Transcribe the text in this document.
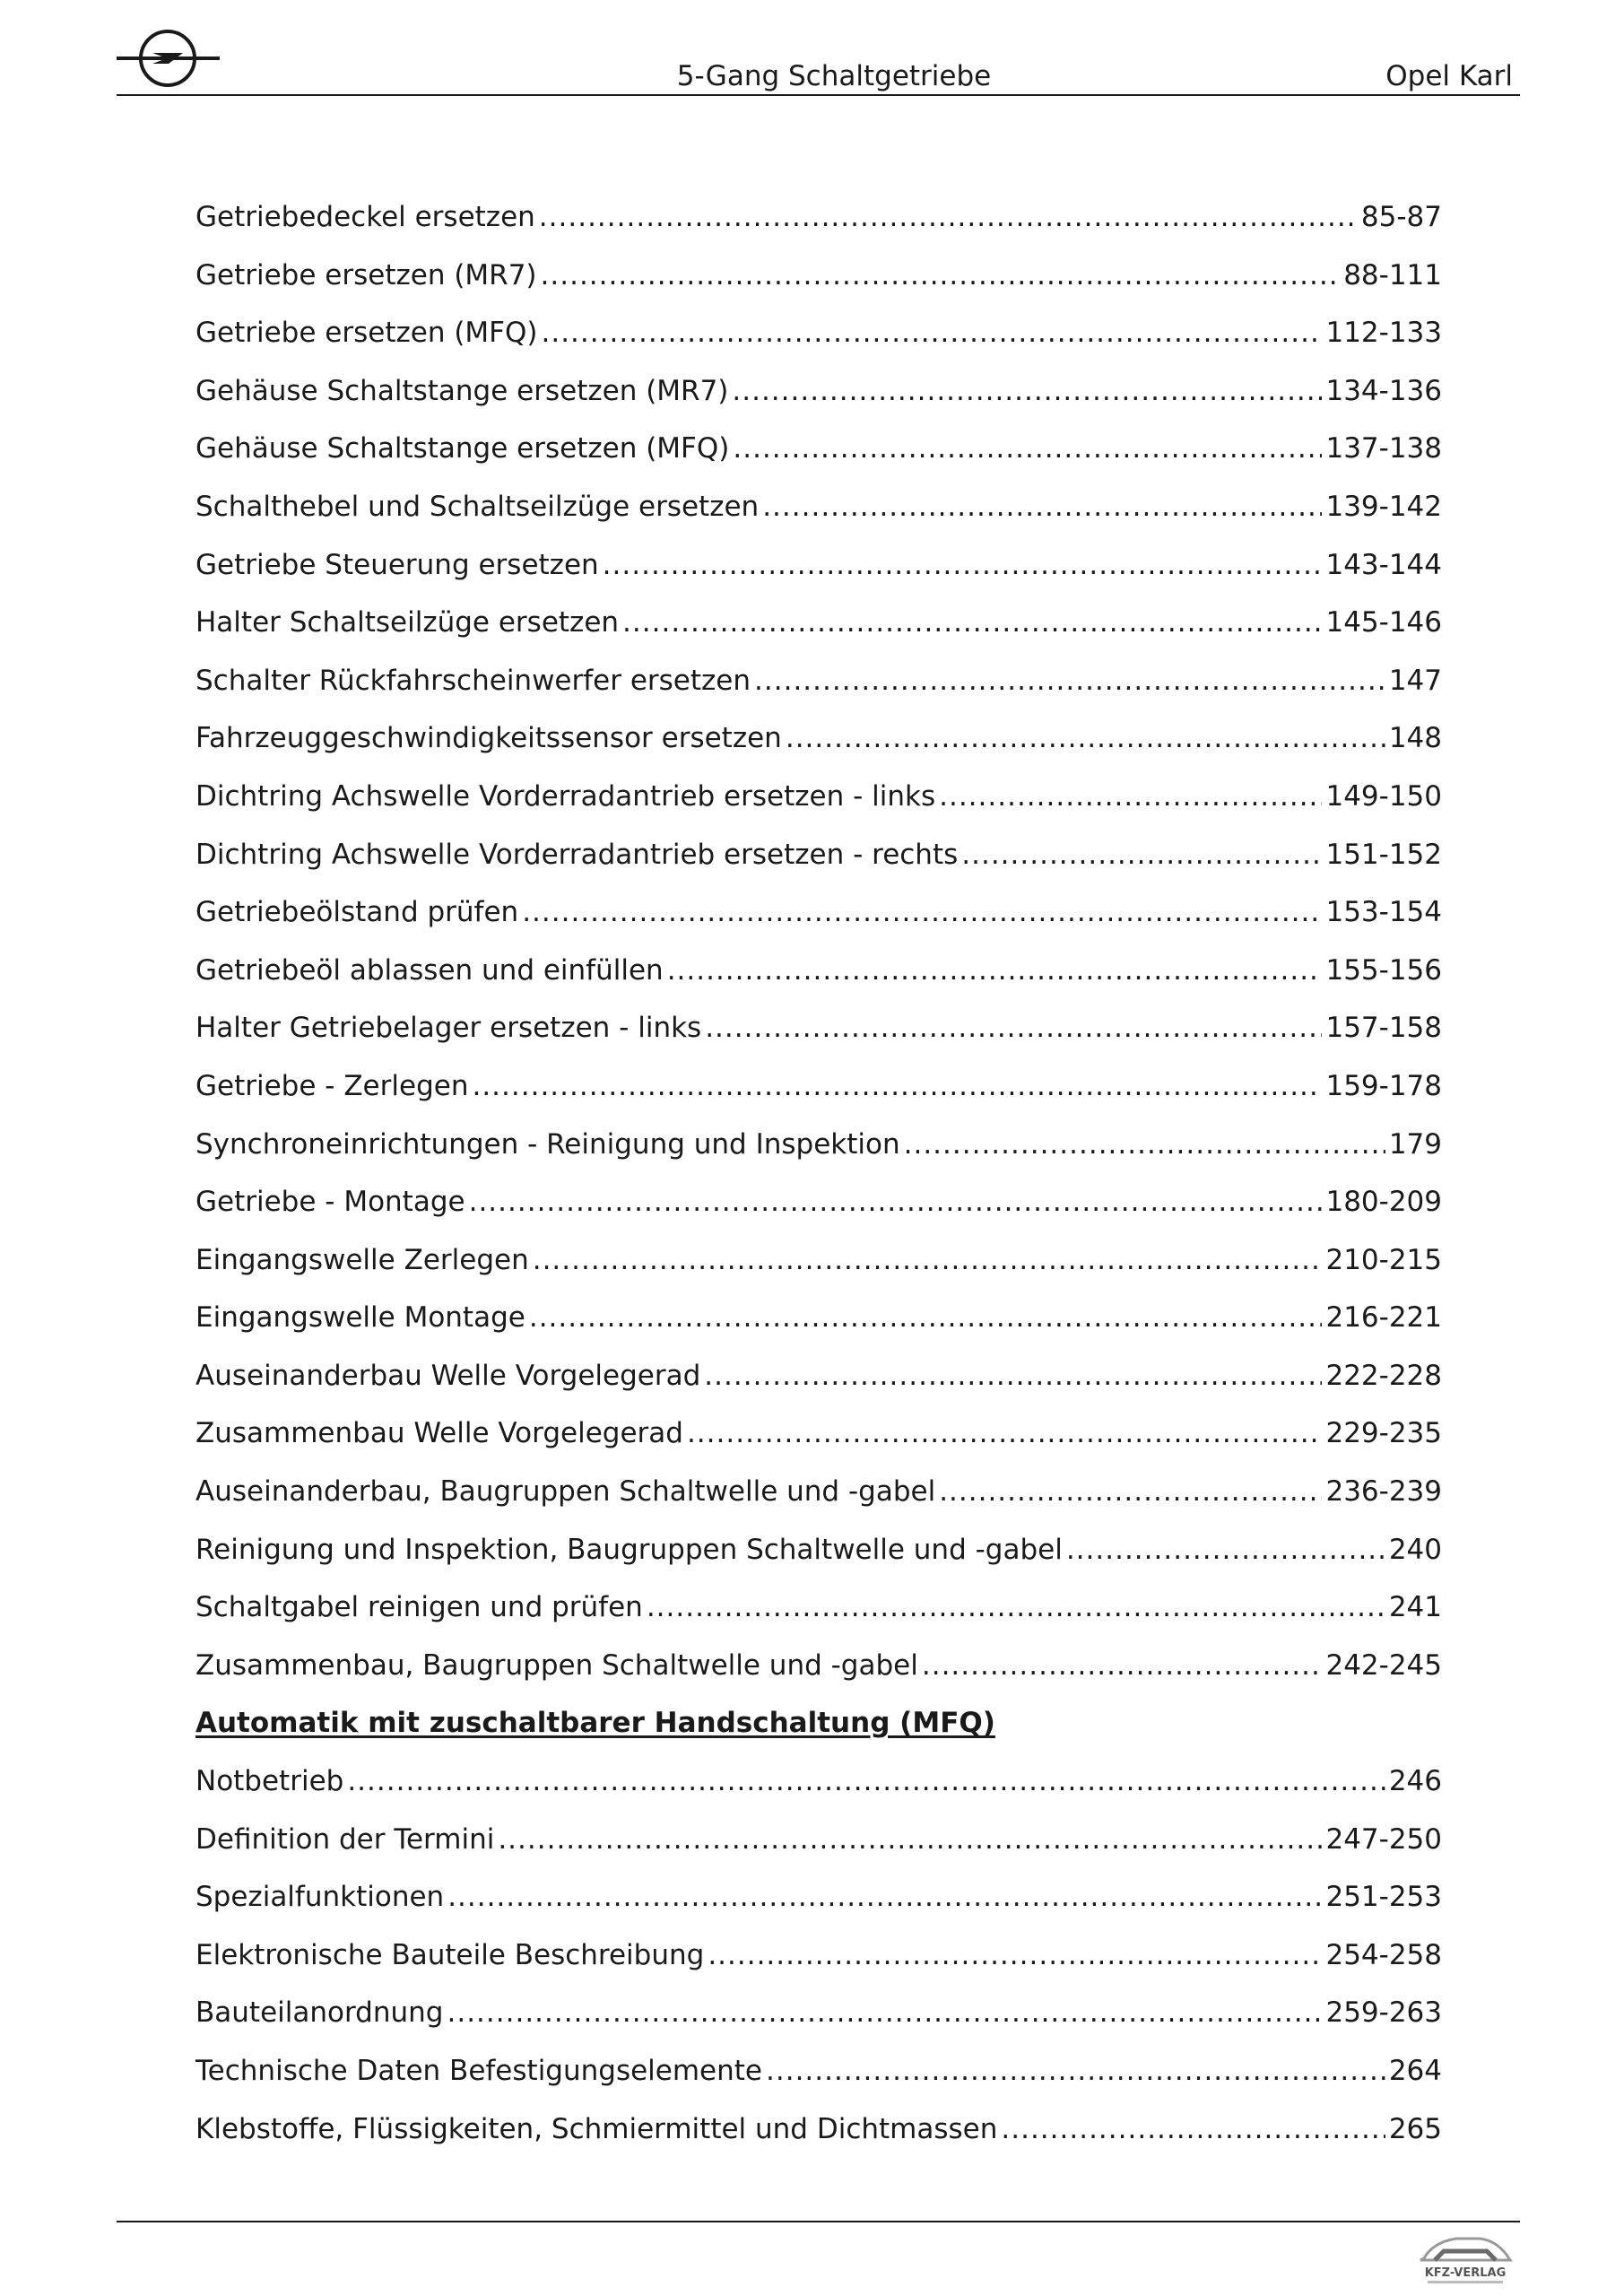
5-Gang Schaltgetriebe	Opel Karl
Getriebedeckel ersetzen .....	85-87
Getriebe ersetzen (MR7) .....	88-111
Getriebe ersetzen (MFQ) .....	112-133
Gehäuse Schaltstange ersetzen (MR7) .....	134-136
Gehäuse Schaltstange ersetzen (MFQ) .....	137-138
Schalthebel und Schaltseilzüge ersetzen .....	139-142
Getriebe Steuerung ersetzen .....	143-144
Halter Schaltseilzüge ersetzen .....	145-146
Schalter Rückfahrscheinwerfer ersetzen .....	147
Fahrzeuggeschwindigkeitssensor ersetzen .....	148
Dichtring Achswelle Vorderradantrieb ersetzen - links .....	149-150
Dichtring Achswelle Vorderradantrieb ersetzen - rechts .....	151-152
Getriebeölstand prüfen .....	153-154
Getriebeöl ablassen und einfüllen .....	155-156
Halter Getriebelager ersetzen - links .....	157-158
Getriebe - Zerlegen .....	159-178
Synchroneinrichtungen - Reinigung und Inspektion .....	179
Getriebe - Montage .....	180-209
Eingangswelle Zerlegen .....	210-215
Eingangswelle Montage .....	216-221
Auseinanderbau Welle Vorgelegerad .....	222-228
Zusammenbau Welle Vorgelegerad .....	229-235
Auseinanderbau, Baugruppen Schaltwelle und -gabel .....	236-239
Reinigung und Inspektion, Baugruppen Schaltwelle und -gabel .....	240
Schaltgabel reinigen und prüfen .....	241
Zusammenbau, Baugruppen Schaltwelle und -gabel .....	242-245
Automatik mit zuschaltbarer Handschaltung (MFQ)
Notbetrieb .....	246
Definition der Termini .....	247-250
Spezialfunktionen .....	251-253
Elektronische Bauteile Beschreibung .....	254-258
Bauteilanordnung .....	259-263
Technische Daten Befestigungselemente .....	264
Klebstoffe, Flüssigkeiten, Schmiermittel und Dichtmassen .....	265
KFZ-VERLAG
